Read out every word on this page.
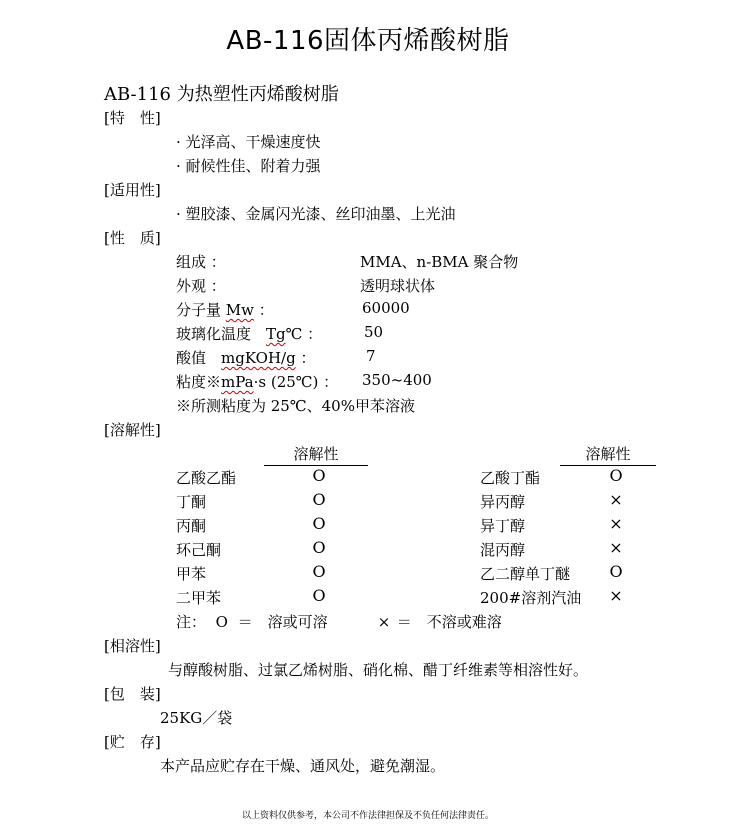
AB-116固体丙烯酸树脂
AB-116 为热塑性丙烯酸树脂
[特　性]
· 光泽高、干燥速度快
· 耐候性佳、附着力强
[适用性]
· 塑胶漆、金属闪光漆、丝印油墨、上光油
[性　质]
组成 ：	MMA、n-BMA 聚合物
外观 ：	透明球状体
分子量 Mw ：	60000
玻璃化温度　Tg℃ ：	50
酸值　mgKOH/g ：	7
粘度※mPa·s (25℃) ： 350~400
※所测粘度为 25℃、40%甲苯溶液
[溶解性]
溶解性	溶解性
乙酸乙酯	O
丁酮	O
丙酮	O
环己酮	O
甲苯	O
二甲苯	O
乙酸丁酯	O
异丙醇	×
异丁醇	×
混丙醇	×
乙二醇单丁醚 O
200#溶剂汽油 ×
注： O ＝　溶或可溶	× ＝　不溶或难溶
[相溶性]
与醇酸树脂、过氯乙烯树脂、硝化棉、醋丁纤维素等相溶性好。
[包　装]
25KG／袋
[贮　存]
本产品应贮存在干燥、通风处，避免潮湿。
以上资料仅供参考，本公司不作法律担保及不负任何法律责任。
